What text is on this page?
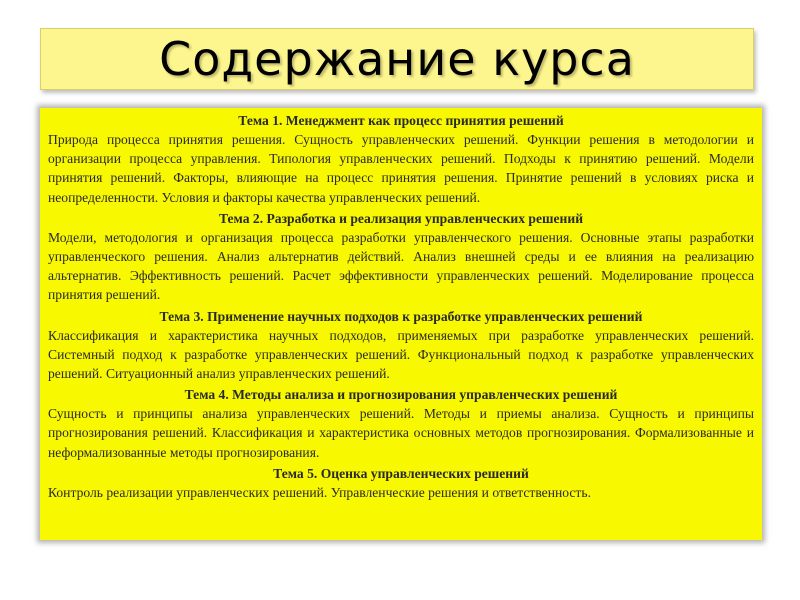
Содержание курса

Тема 1. Менеджмент как процесс принятия решений

Природа процесса принятия решения. Сущность управленческих решений. Функции решения в методологии и организации процесса управления. Типология управленческих решений. Подходы к принятию решений. Модели принятия решений. Факторы, влияющие на процесс принятия решения. Принятие решений в условиях риска и неопределенности. Условия и факторы качества управленческих решений.

Тема 2. Разработка и реализация управленческих решений

Модели, методология и организация процесса разработки управленческого решения. Основные этапы разработки управленческого решения. Анализ альтернатив действий. Анализ внешней среды и ее влияния на реализацию альтернатив. Эффективность решений. Расчет эффективности управленческих решений. Моделирование процесса принятия решений.

Тема 3. Применение научных подходов к разработке управленческих решений

Классификация и характеристика научных подходов, применяемых при разработке управленческих решений. Системный подход к разработке управленческих решений. Функциональный подход к разработке управленческих решений. Ситуационный анализ управленческих решений.

Тема 4. Методы анализа и прогнозирования управленческих решений

Сущность и принципы анализа управленческих решений. Методы и приемы анализа. Сущность и принципы прогнозирования решений. Классификация и характеристика основных методов прогнозирования. Формализованные и неформализованные методы прогнозирования.

Тема 5. Оценка управленческих решений

Контроль реализации управленческих решений. Управленческие решения и ответственность.
